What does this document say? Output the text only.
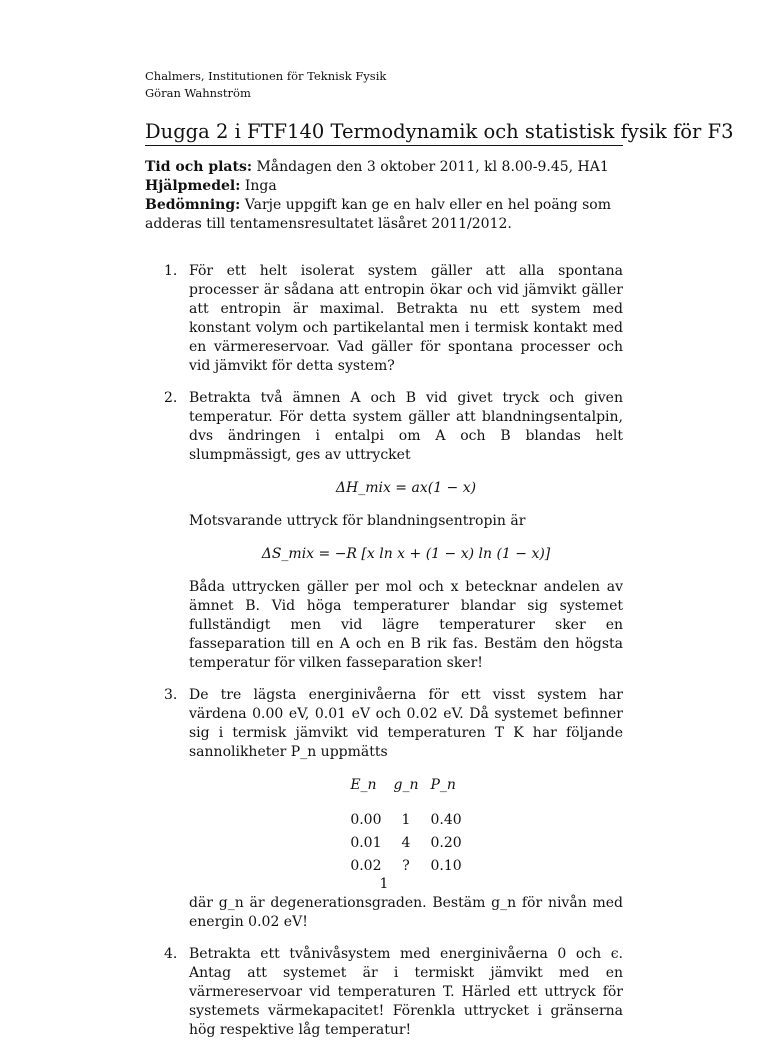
Chalmers, Institutionen för Teknisk Fysik
Göran Wahnström
Dugga 2 i FTF140 Termodynamik och statistisk fysik för F3
Tid och plats: Måndagen den 3 oktober 2011, kl 8.00-9.45, HA1
Hjälpmedel: Inga
Bedömning: Varje uppgift kan ge en halv eller en hel poäng som adderas till tentamensresultatet läsåret 2011/2012.
1. För ett helt isolerat system gäller att alla spontana processer är sådana att entropin ökar och vid jämvikt gäller att entropin är maximal. Betrakta nu ett system med konstant volym och partikelantal men i termisk kontakt med en värmereservoar. Vad gäller för spontana processer och vid jämvikt för detta system?

2. Betrakta två ämnen A och B vid givet tryck och given temperatur. För detta system gäller att blandningsentalpin, dvs ändringen i entalpi om A och B blandas helt slumpmässigt, ges av uttrycket

ΔH_mix = ax(1 − x)

Motsvarande uttryck för blandningsentropin är

ΔS_mix = −R [x ln x + (1 − x) ln (1 − x)]

Båda uttrycken gäller per mol och x betecknar andelen av ämnet B. Vid höga temperaturer blandar sig systemet fullständigt men vid lägre temperaturer sker en fasseparation till en A och en B rik fas. Bestäm den högsta temperatur för vilken fasseparation sker!

3. De tre lägsta energinivåerna för ett visst system har värdena 0.00 eV, 0.01 eV och 0.02 eV. Då systemet befinner sig i termisk jämvikt vid temperaturen T K har följande sannolikheter P_n uppmätts

E_n	g_n	P_n
0.00	1	0.40
0.01	4	0.20
0.02	?	0.10

där g_n är degenerationsgraden. Bestäm g_n för nivån med energin 0.02 eV!

4. Betrakta ett tvånivåsystem med energinivåerna 0 och ϵ. Antag att systemet är i termiskt jämvikt med en värmereservoar vid temperaturen T. Härled ett uttryck för systemets värmekapacitet! Förenkla uttrycket i gränserna hög respektive låg temperatur!

1
